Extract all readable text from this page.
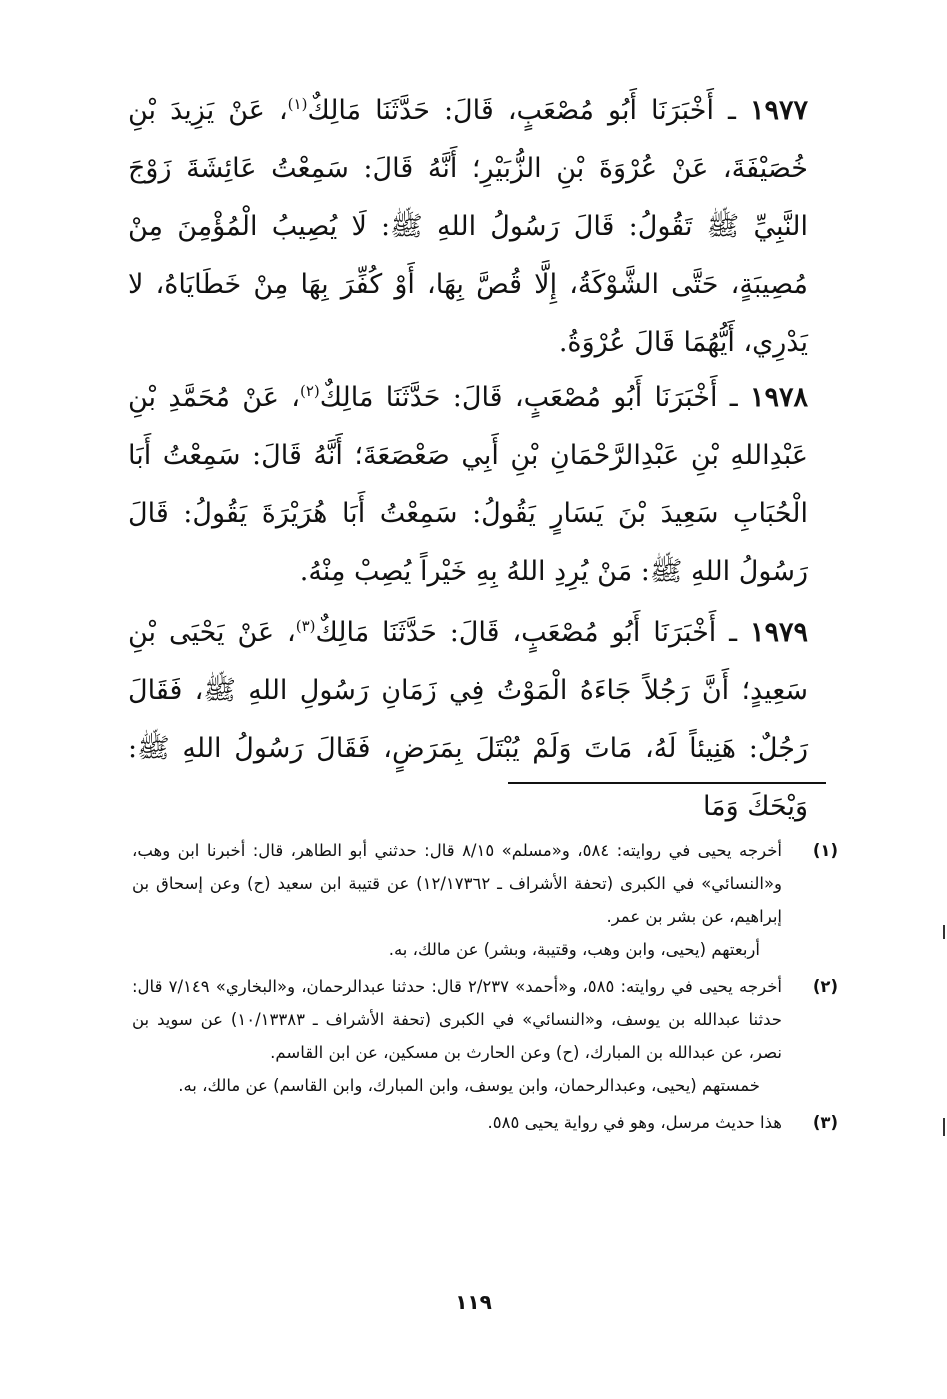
١٩٧٧ ـ أَخْبَرَنَا أَبُو مُصْعَبٍ، قَالَ: حَدَّثَنَا مَالِكٌ$^{(١)}$، عَنْ يَزِيدَ بْنِ خُصَيْفَةَ، عَنْ عُرْوَةَ بْنِ الزُّبَيْرِ؛ أَنَّهُ قَالَ: سَمِعْتُ عَائِشَةَ زَوْجَ النَّبِيِّ ﷺ تَقُولُ: قَالَ رَسُولُ اللهِ ﷺ: لَا يُصِيبُ الْمُؤْمِنَ مِنْ مُصِيبَةٍ، حَتَّى الشَّوْكَةُ، إِلَّا قُصَّ بِهَا، أَوْ كُفِّرَ بِهَا مِنْ خَطَايَاهُ، لا يَدْرِي، أَيُّهُمَا قَالَ عُرْوَةُ.

١٩٧٨ ـ أَخْبَرَنَا أَبُو مُصْعَبٍ، قَالَ: حَدَّثَنَا مَالِكٌ$^{(٢)}$، عَنْ مُحَمَّدِ بْنِ عَبْدِاللهِ بْنِ عَبْدِالرَّحْمَانِ بْنِ أَبِي صَعْصَعَةَ؛ أَنَّهُ قَالَ: سَمِعْتُ أَبَا الْحُبَابِ سَعِيدَ بْنَ يَسَارٍ يَقُولُ: سَمِعْتُ أَبَا هُرَيْرَةَ يَقُولُ: قَالَ رَسُولُ اللهِ ﷺ: مَنْ يُرِدِ اللهُ بِهِ خَيْراً يُصِبْ مِنْهُ.

١٩٧٩ ـ أَخْبَرَنَا أَبُو مُصْعَبٍ، قَالَ: حَدَّثَنَا مَالِكٌ$^{(٣)}$، عَنْ يَحْيَى بْنِ سَعِيدٍ؛ أَنَّ رَجُلاً جَاءَهُ الْمَوْتُ فِي زَمَانِ رَسُولِ اللهِ ﷺ، فَقَالَ رَجُلٌ: هَنِيئاً لَهُ، مَاتَ وَلَمْ يُبْتَلَ بِمَرَضٍ، فَقَالَ رَسُولُ اللهِ ﷺ: وَيْحَكَ وَمَا

(١)
أخرجه يحيى في روايته: ٥٨٤، و«مسلم» ٨/١٥ قال: حدثني أبو الطاهر، قال: أخبرنا ابن وهب، و«النسائي» في الكبرى (تحفة الأشراف ـ ١٢/١٧٣٦٢) عن قتيبة ابن سعيد (ح) وعن إسحاق بن إبراهيم، عن بشر بن عمر.
أربعتهم (يحيى، وابن وهب، وقتيبة، وبشر) عن مالك، به.
(٢)
أخرجه يحيى في روايته: ٥٨٥، و«أحمد» ٢/٢٣٧ قال: حدثنا عبدالرحمان، و«البخاري» ٧/١٤٩ قال: حدثنا عبدالله بن يوسف، و«النسائي» في الكبرى (تحفة الأشراف ـ ١٠/١٣٣٨٣) عن سويد بن نصر، عن عبدالله بن المبارك، (ح) وعن الحارث بن مسكين، عن ابن القاسم.
خمستهم (يحيى، وعبدالرحمان، وابن يوسف، وابن المبارك، وابن القاسم) عن مالك، به.
(٣)
هذا حديث مرسل، وهو في رواية يحيى ٥٨٥.
١١٩
